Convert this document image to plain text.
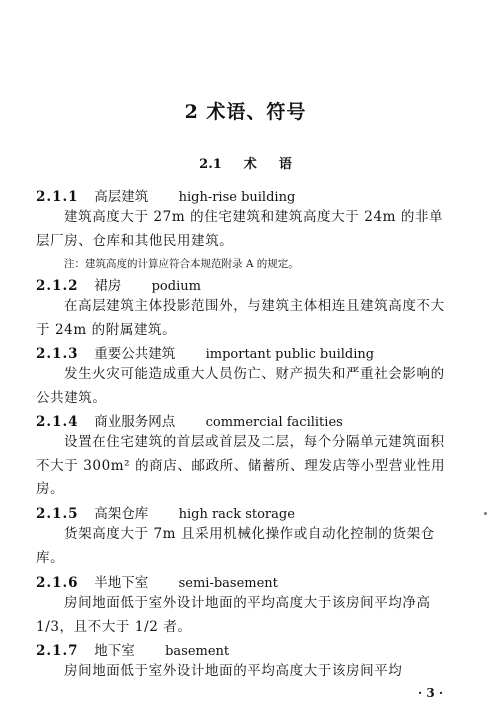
2 术语、符号
2.1 术 语
2.1.1 高层建筑 high-rise building
建筑高度大于 27m 的住宅建筑和建筑高度大于 24m 的非单层厂房、仓库和其他民用建筑。
注：建筑高度的计算应符合本规范附录 A 的规定。
2.1.2 裙房 podium
在高层建筑主体投影范围外，与建筑主体相连且建筑高度不大于 24m 的附属建筑。
2.1.3 重要公共建筑 important public building
发生火灾可能造成重大人员伤亡、财产损失和严重社会影响的公共建筑。
2.1.4 商业服务网点 commercial facilities
设置在住宅建筑的首层或首层及二层，每个分隔单元建筑面积不大于 300m² 的商店、邮政所、储蓄所、理发店等小型营业性用房。
2.1.5 高架仓库 high rack storage
货架高度大于 7m 且采用机械化操作或自动化控制的货架仓库。
2.1.6 半地下室 semi-basement
房间地面低于室外设计地面的平均高度大于该房间平均净高 1/3，且不大于 1/2 者。
2.1.7 地下室 basement
房间地面低于室外设计地面的平均高度大于该房间平均
· 3 ·
